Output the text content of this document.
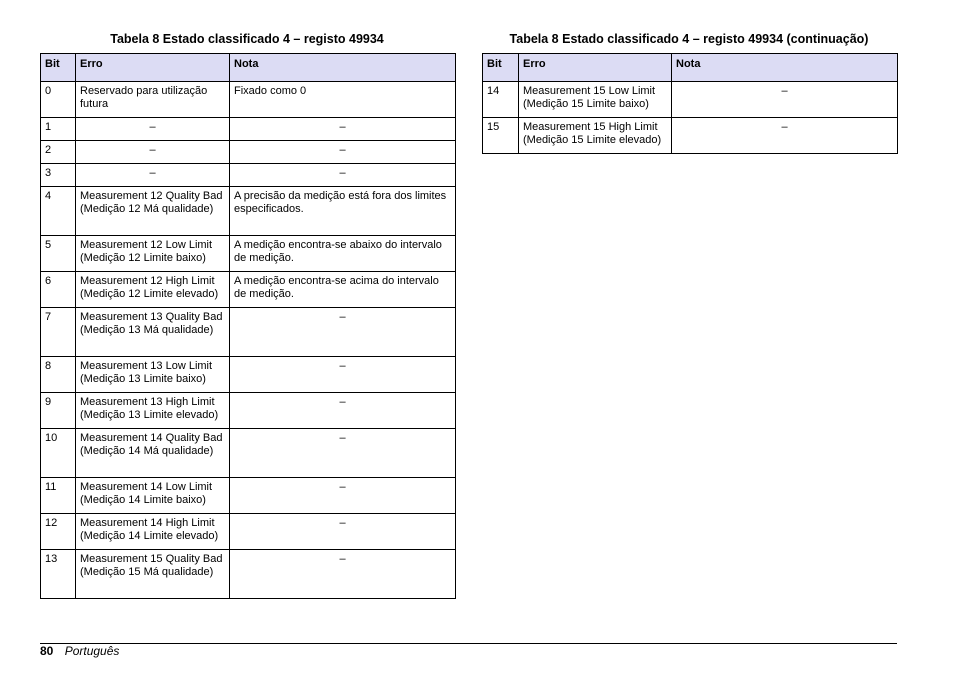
Tabela 8 Estado classificado 4 – registo 49934
Bit	Erro	Nota
0	Reservado para utilização futura	Fixado como 0
1	–	–
2	–	–
3	–	–
4	Measurement 12 Quality Bad (Medição 12 Má qualidade)	A precisão da medição está fora dos limites especificados.
5	Measurement 12 Low Limit (Medição 12 Limite baixo)	A medição encontra-se abaixo do intervalo de medição.
6	Measurement 12 High Limit (Medição 12 Limite elevado)	A medição encontra-se acima do intervalo de medição.
7	Measurement 13 Quality Bad (Medição 13 Má qualidade)	–
8	Measurement 13 Low Limit (Medição 13 Limite baixo)	–
9	Measurement 13 High Limit (Medição 13 Limite elevado)	–
10	Measurement 14 Quality Bad (Medição 14 Má qualidade)	–
11	Measurement 14 Low Limit (Medição 14 Limite baixo)	–
12	Measurement 14 High Limit (Medição 14 Limite elevado)	–
13	Measurement 15 Quality Bad (Medição 15 Má qualidade)	–
Tabela 8 Estado classificado 4 – registo 49934 (continuação)
Bit	Erro	Nota
14	Measurement 15 Low Limit (Medição 15 Limite baixo)	–
15	Measurement 15 High Limit (Medição 15 Limite elevado)	–
80 Português
